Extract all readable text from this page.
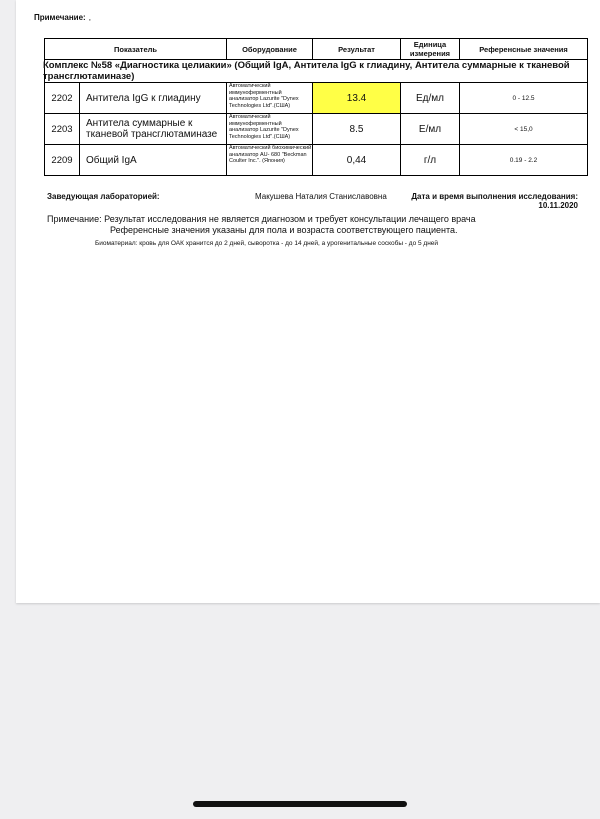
Примечание: ,
Показатель	Оборудование	Результат	Единица измерения	Референсные значения
Комплекс №58 «Диагностика целиакии» (Общий IgA, Антитела IgG к глиадину, Антитела суммарные к тканевой трансглютаминазе)
2202	Антитела IgG к глиадину	Автоматический иммуноферментный анализатор Lazurite "Dynex Technologies Ltd".(США)	13.4	Ед/мл	0 - 12.5
2203	Антитела суммарные к тканевой трансглютаминазе	Автоматический иммуноферментный анализатор Lazurite "Dynex Technologies Ltd".(США)	8.5	Е/мл	< 15,0
2209	Общий IgA	Автоматический биохимический анализатор AU- 680 "Beckman Coulter Inc.". (Япония)	0,44	г/л	0.19 - 2.2
Заведующая лабораторией:	Макушева Наталия Станиславовна	Дата и время выполнения исследования:
10.11.2020
Примечание: Результат исследования не является диагнозом и требует консультации лечащего врача
Референсные значения указаны для пола и возраста соответствующего пациента.
Биоматериал: кровь для ОАК хранится до 2 дней, сыворотка - до 14 дней, а урогенитальные соскобы - до 5 дней
